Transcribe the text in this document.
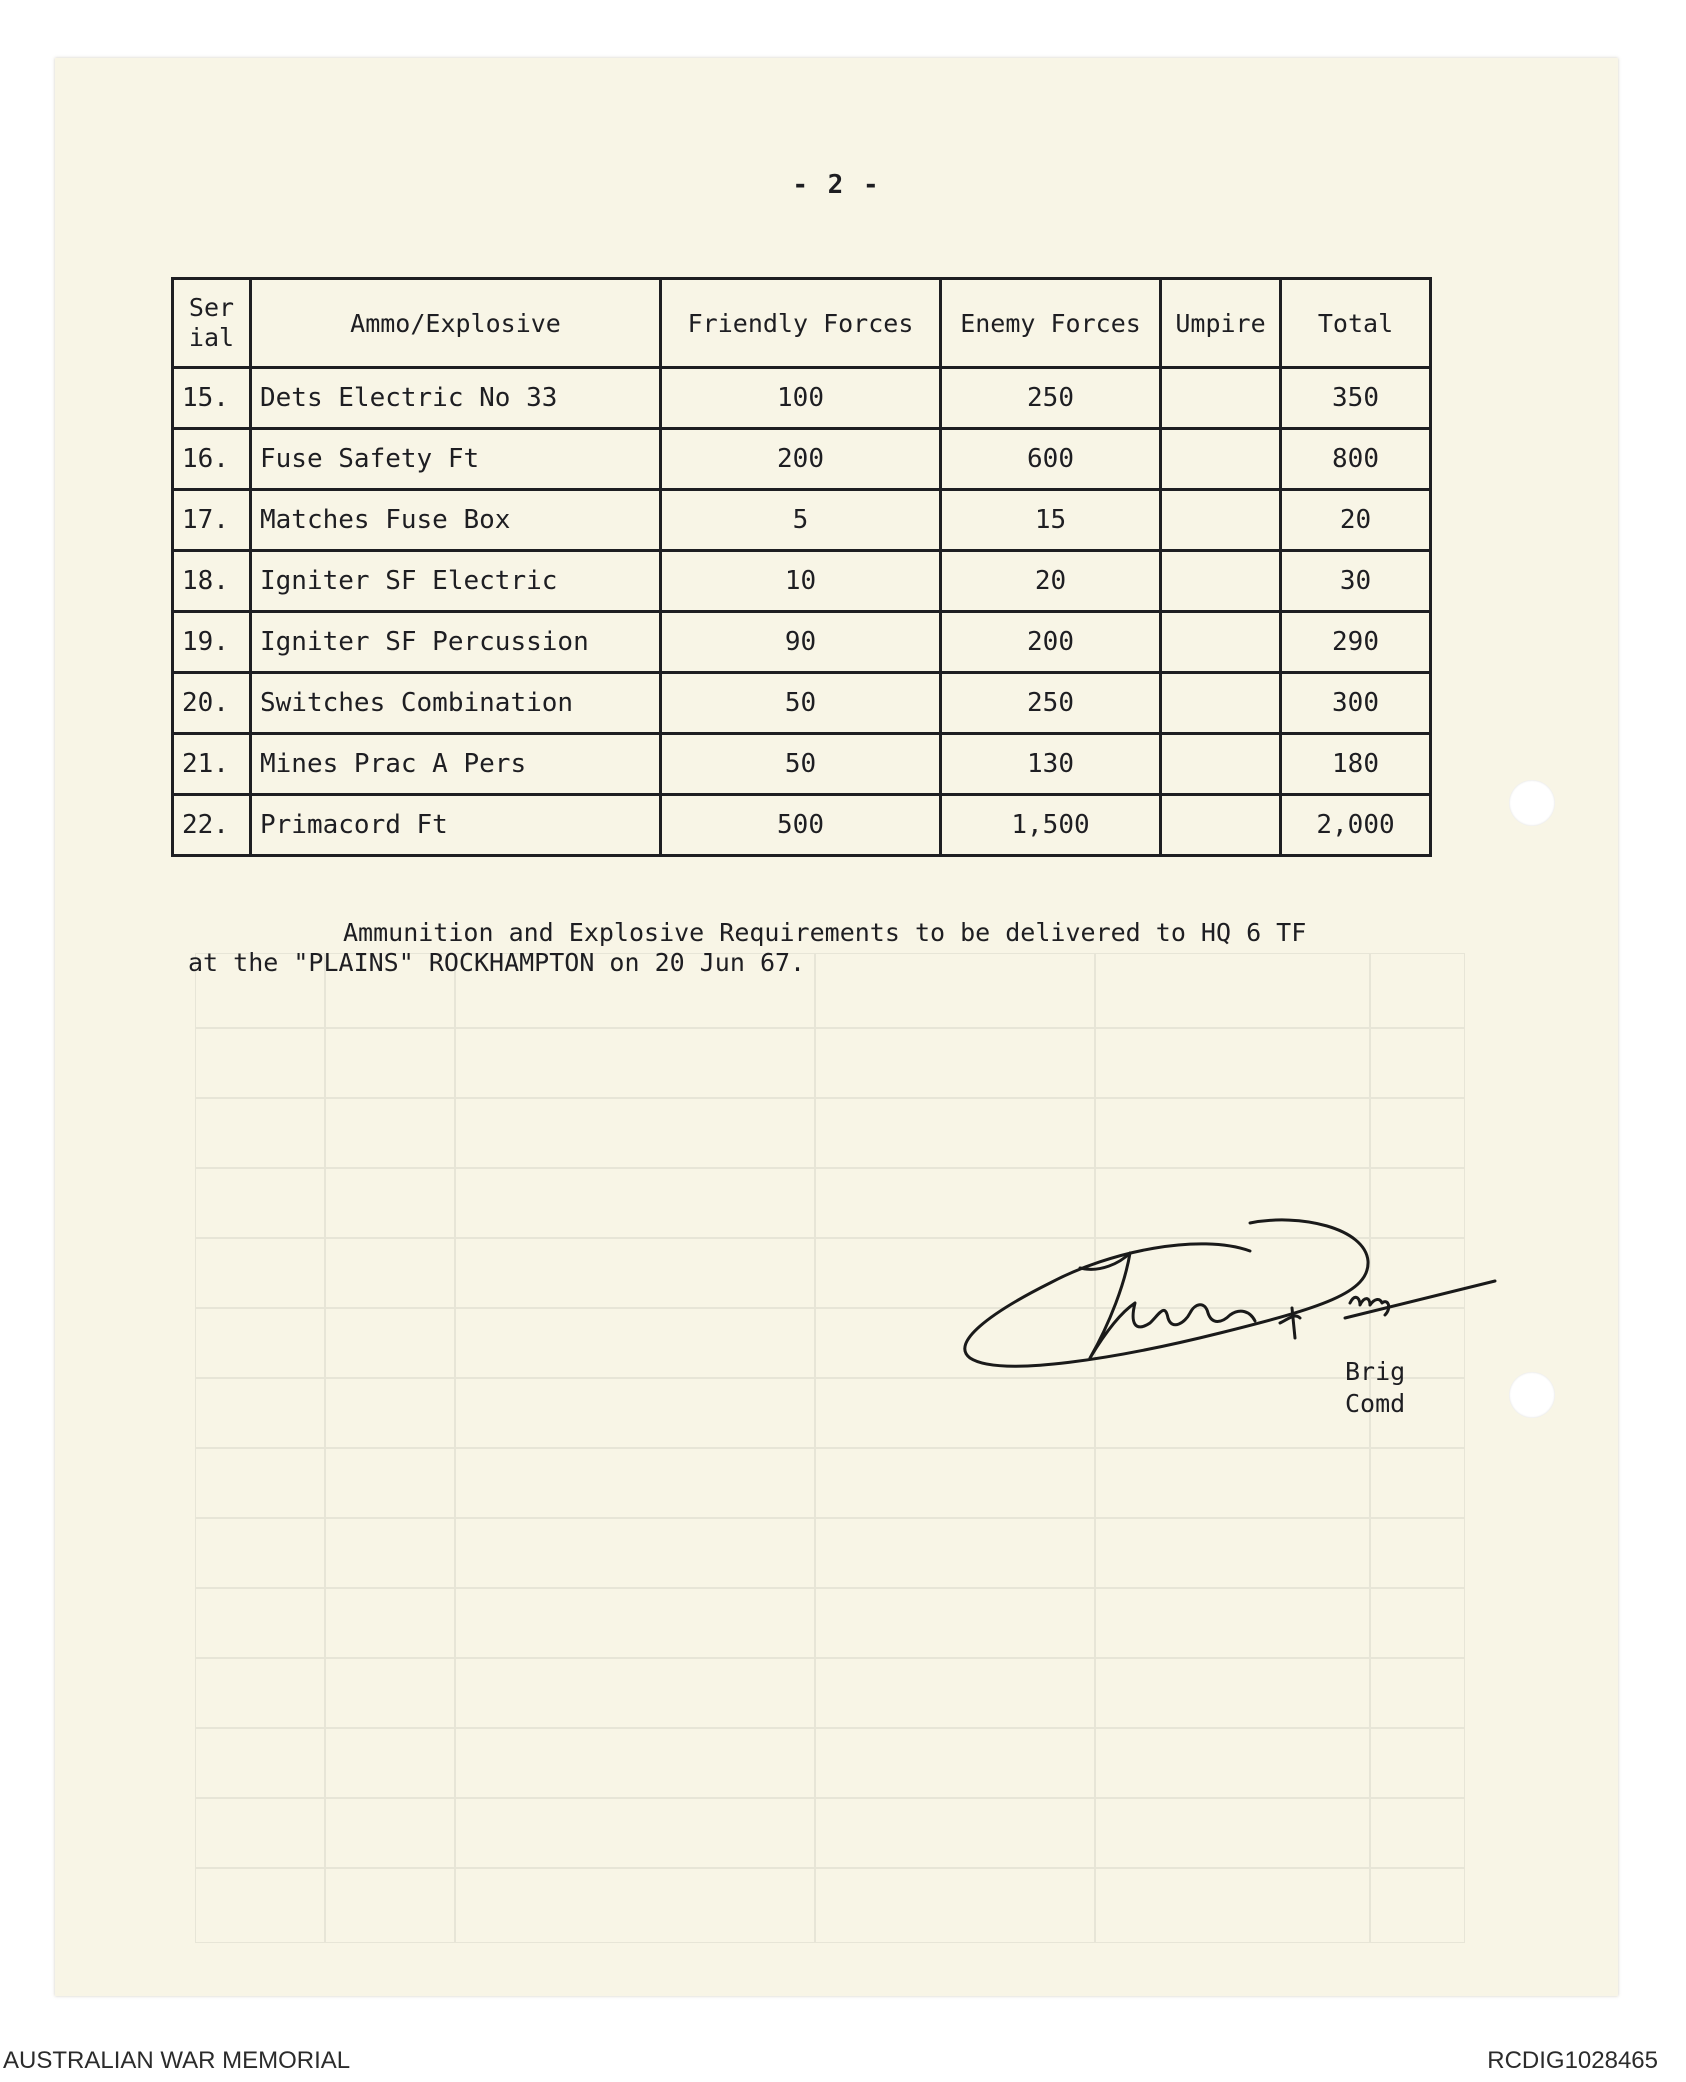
- 2 -
Ser ial	Ammo/Explosive	Friendly Forces	Enemy Forces	Umpire	Total
15.	Dets Electric No 33	100	250		350
16.	Fuse Safety Ft	200	600		800
17.	Matches Fuse Box	5	15		20
18.	Igniter SF Electric	10	20		30
19.	Igniter SF Percussion	90	200		290
20.	Switches Combination	50	250		300
21.	Mines Prac A Pers	50	130		180
22.	Primacord Ft	500	1,500		2,000
Ammunition and Explosive Requirements to be delivered to HQ 6 TF
at the "PLAINS" ROCKHAMPTON on 20 Jun 67.
Brig
Comd
AUSTRALIAN WAR MEMORIAL	RCDIG1028465
